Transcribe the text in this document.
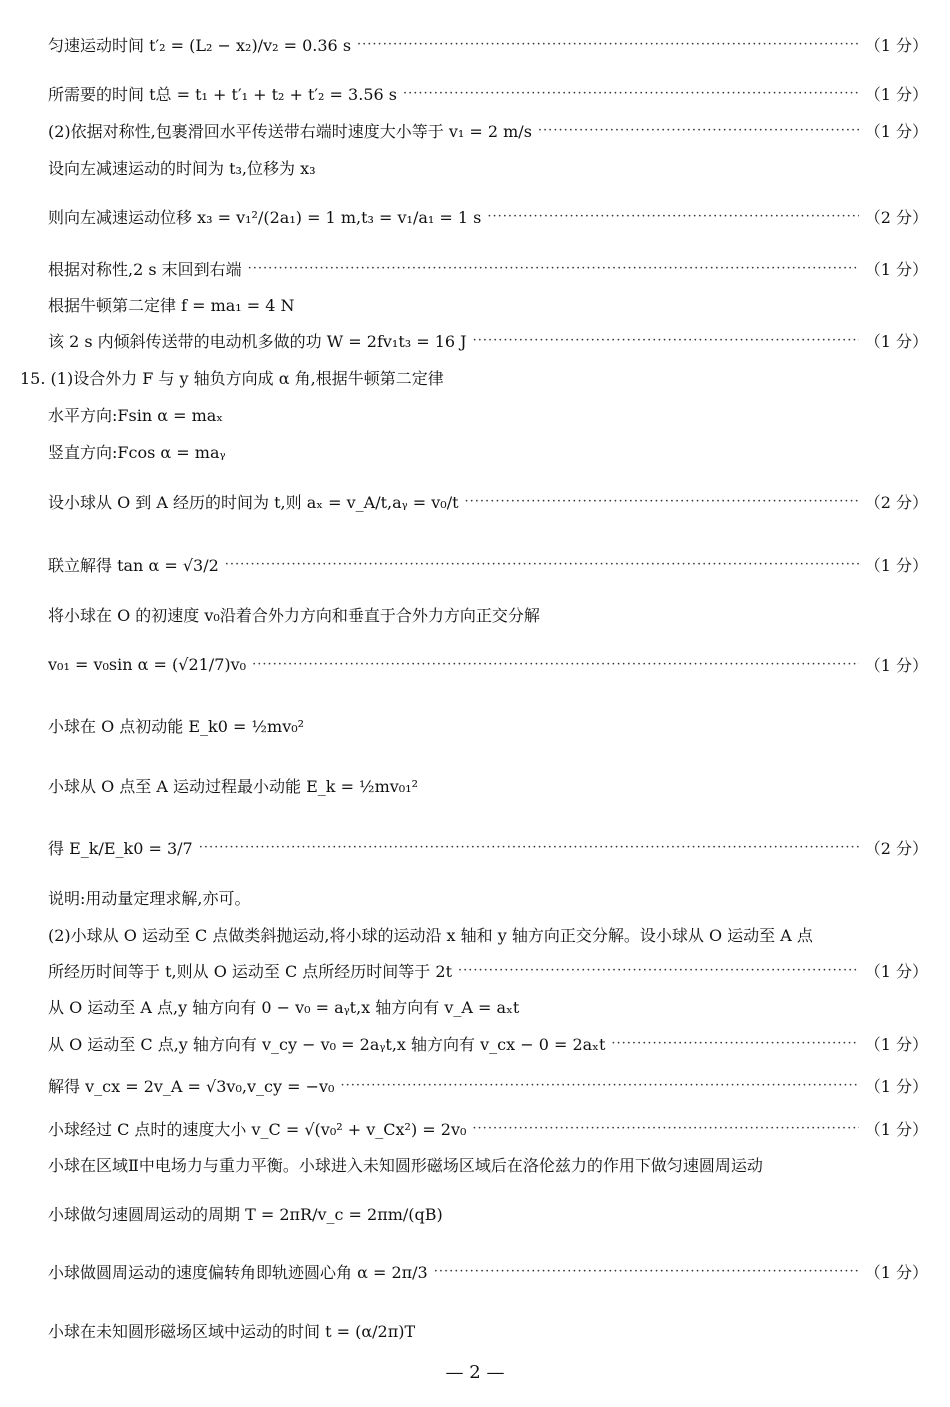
匀速运动时间 t′₂ = (L₂ − x₂)/v₂ = 0.36 s ·····	（1 分）
所需要的时间 t总 = t₁ + t′₁ + t₂ + t′₂ = 3.56 s ·····	（1 分）
(2)依据对称性,包裹滑回水平传送带右端时速度大小等于 v₁ = 2 m/s ·····	（1 分）
设向左减速运动的时间为 t₃,位移为 x₃
则向左减速运动位移 x₃ = v₁²/(2a₁) = 1 m,t₃ = v₁/a₁ = 1 s ·····	（2 分）
根据对称性,2 s 末回到右端 ·····	（1 分）
根据牛顿第二定律 f = ma₁ = 4 N
该 2 s 内倾斜传送带的电动机多做的功 W = 2fv₁t₃ = 16 J ·····	（1 分）
15. (1)设合外力 F 与 y 轴负方向成 α 角,根据牛顿第二定律
水平方向:Fsin α = maₓ
竖直方向:Fcos α = maᵧ
设小球从 O 到 A 经历的时间为 t,则 aₓ = v_A/t,aᵧ = v₀/t ·····	（2 分）
联立解得 tan α = √3/2 ·····	（1 分）
将小球在 O 的初速度 v₀沿着合外力方向和垂直于合外力方向正交分解
v₀₁ = v₀sin α = (√21/7)v₀ ·····	（1 分）
小球在 O 点初动能 E_k0 = ½mv₀²
小球从 O 点至 A 运动过程最小动能 E_k = ½mv₀₁²
得 E_k/E_k0 = 3/7 ·····	（2 分）
说明:用动量定理求解,亦可。
(2)小球从 O 运动至 C 点做类斜抛运动,将小球的运动沿 x 轴和 y 轴方向正交分解。设小球从 O 运动至 A 点
所经历时间等于 t,则从 O 运动至 C 点所经历时间等于 2t ·····	（1 分）
从 O 运动至 A 点,y 轴方向有 0 − v₀ = aᵧt,x 轴方向有 v_A = aₓt
从 O 运动至 C 点,y 轴方向有 v_cy − v₀ = 2aᵧt,x 轴方向有 v_cx − 0 = 2aₓt ·····	（1 分）
解得 v_cx = 2v_A = √3v₀,v_cy = −v₀ ·····	（1 分）
小球经过 C 点时的速度大小 v_C = √(v₀² + v_Cx²) = 2v₀ ·····	（1 分）
小球在区域Ⅱ中电场力与重力平衡。小球进入未知圆形磁场区域后在洛伦兹力的作用下做匀速圆周运动
小球做匀速圆周运动的周期 T = 2πR/v_c = 2πm/(qB)
小球做圆周运动的速度偏转角即轨迹圆心角 α = 2π/3 ·····	（1 分）
小球在未知圆形磁场区域中运动的时间 t = (α/2π)T
— 2 —
